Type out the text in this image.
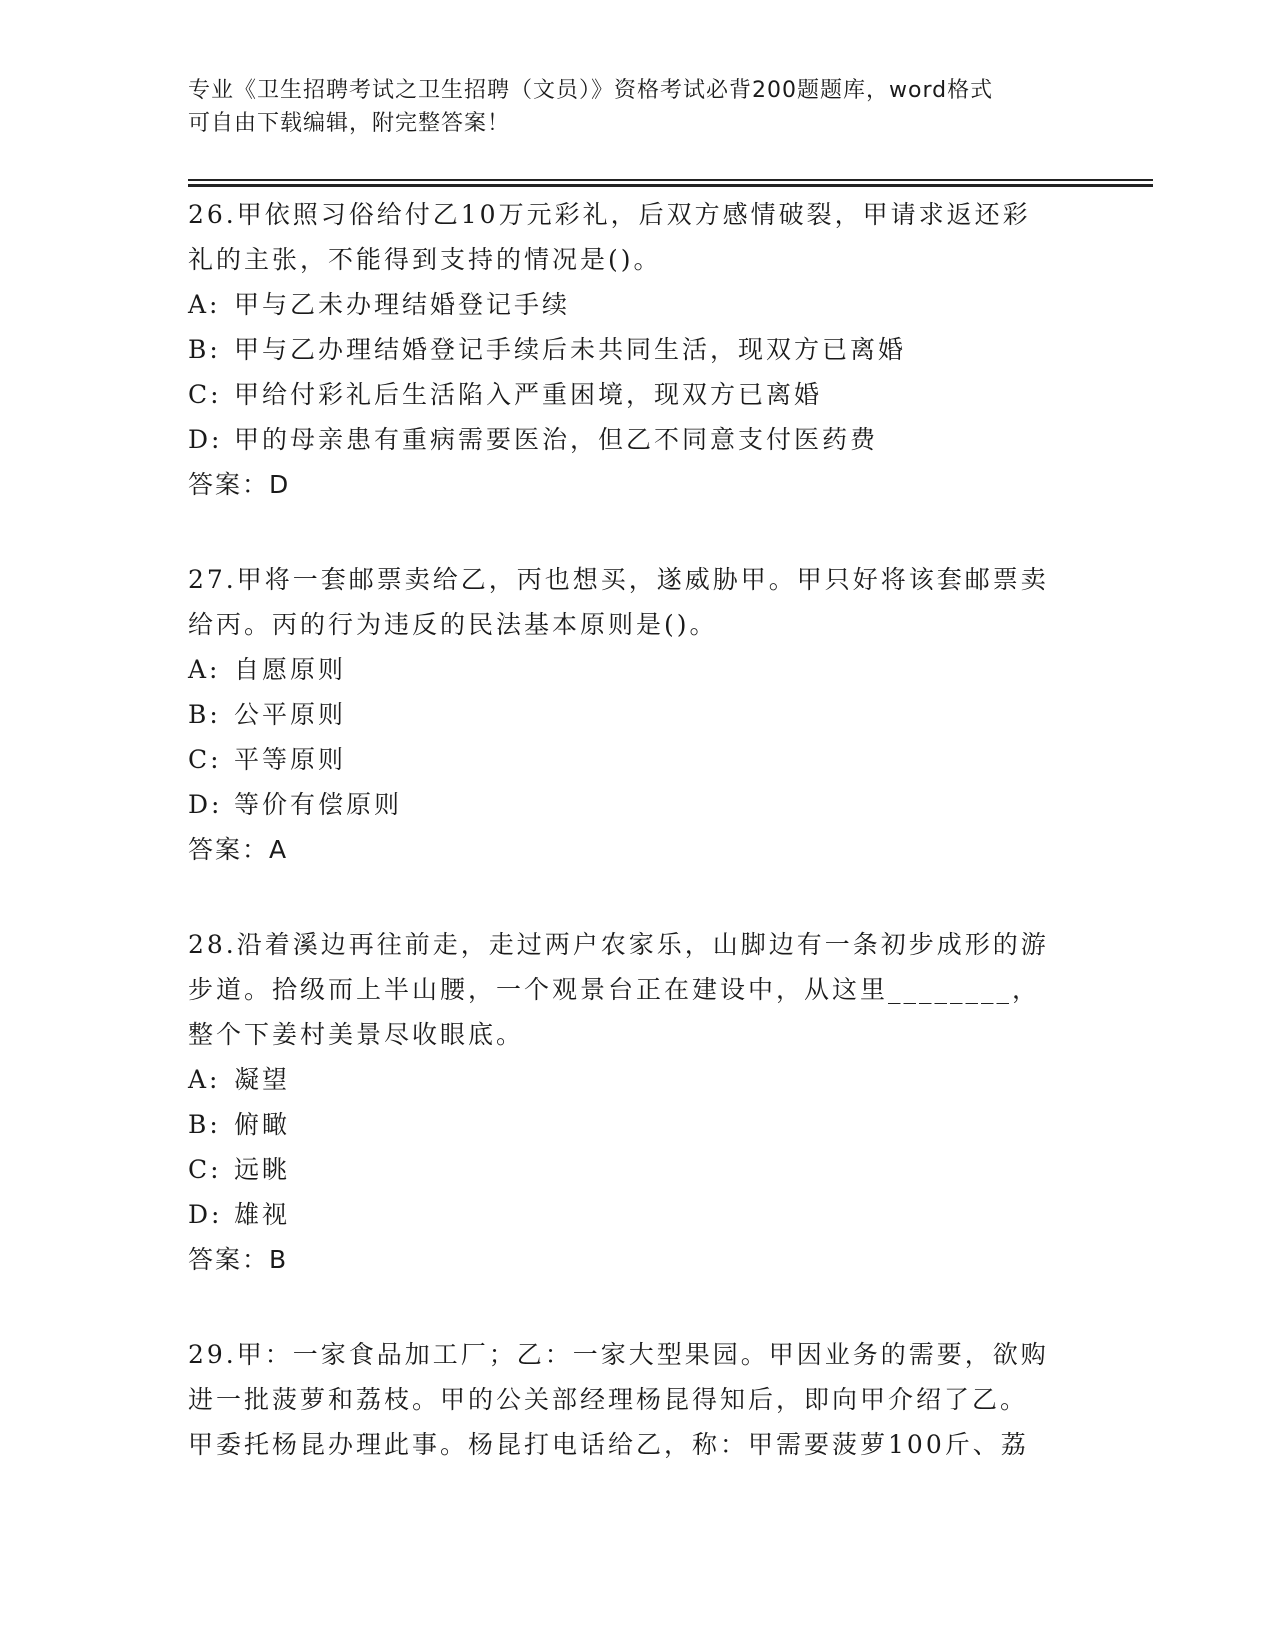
专业《卫生招聘考试之卫生招聘（文员）》资格考试必背200题题库，word格式
可自由下载编辑，附完整答案！

26.甲依照习俗给付乙10万元彩礼，后双方感情破裂，甲请求返还彩

礼的主张，不能得到支持的情况是()。

A: 甲与乙未办理结婚登记手续

B: 甲与乙办理结婚登记手续后未共同生活，现双方已离婚

C: 甲给付彩礼后生活陷入严重困境，现双方已离婚

D: 甲的母亲患有重病需要医治，但乙不同意支付医药费

答案：D

27.甲将一套邮票卖给乙，丙也想买，遂威胁甲。甲只好将该套邮票卖

给丙。丙的行为违反的民法基本原则是()。

A: 自愿原则

B: 公平原则

C: 平等原则

D: 等价有偿原则

答案：A

28.沿着溪边再往前走，走过两户农家乐，山脚边有一条初步成形的游

步道。拾级而上半山腰，一个观景台正在建设中，从这里________，

整个下姜村美景尽收眼底。

A: 凝望

B: 俯瞰

C: 远眺

D: 雄视

答案：B

29.甲：一家食品加工厂；乙：一家大型果园。甲因业务的需要，欲购

进一批菠萝和荔枝。甲的公关部经理杨昆得知后，即向甲介绍了乙。

甲委托杨昆办理此事。杨昆打电话给乙，称：甲需要菠萝100斤、荔
